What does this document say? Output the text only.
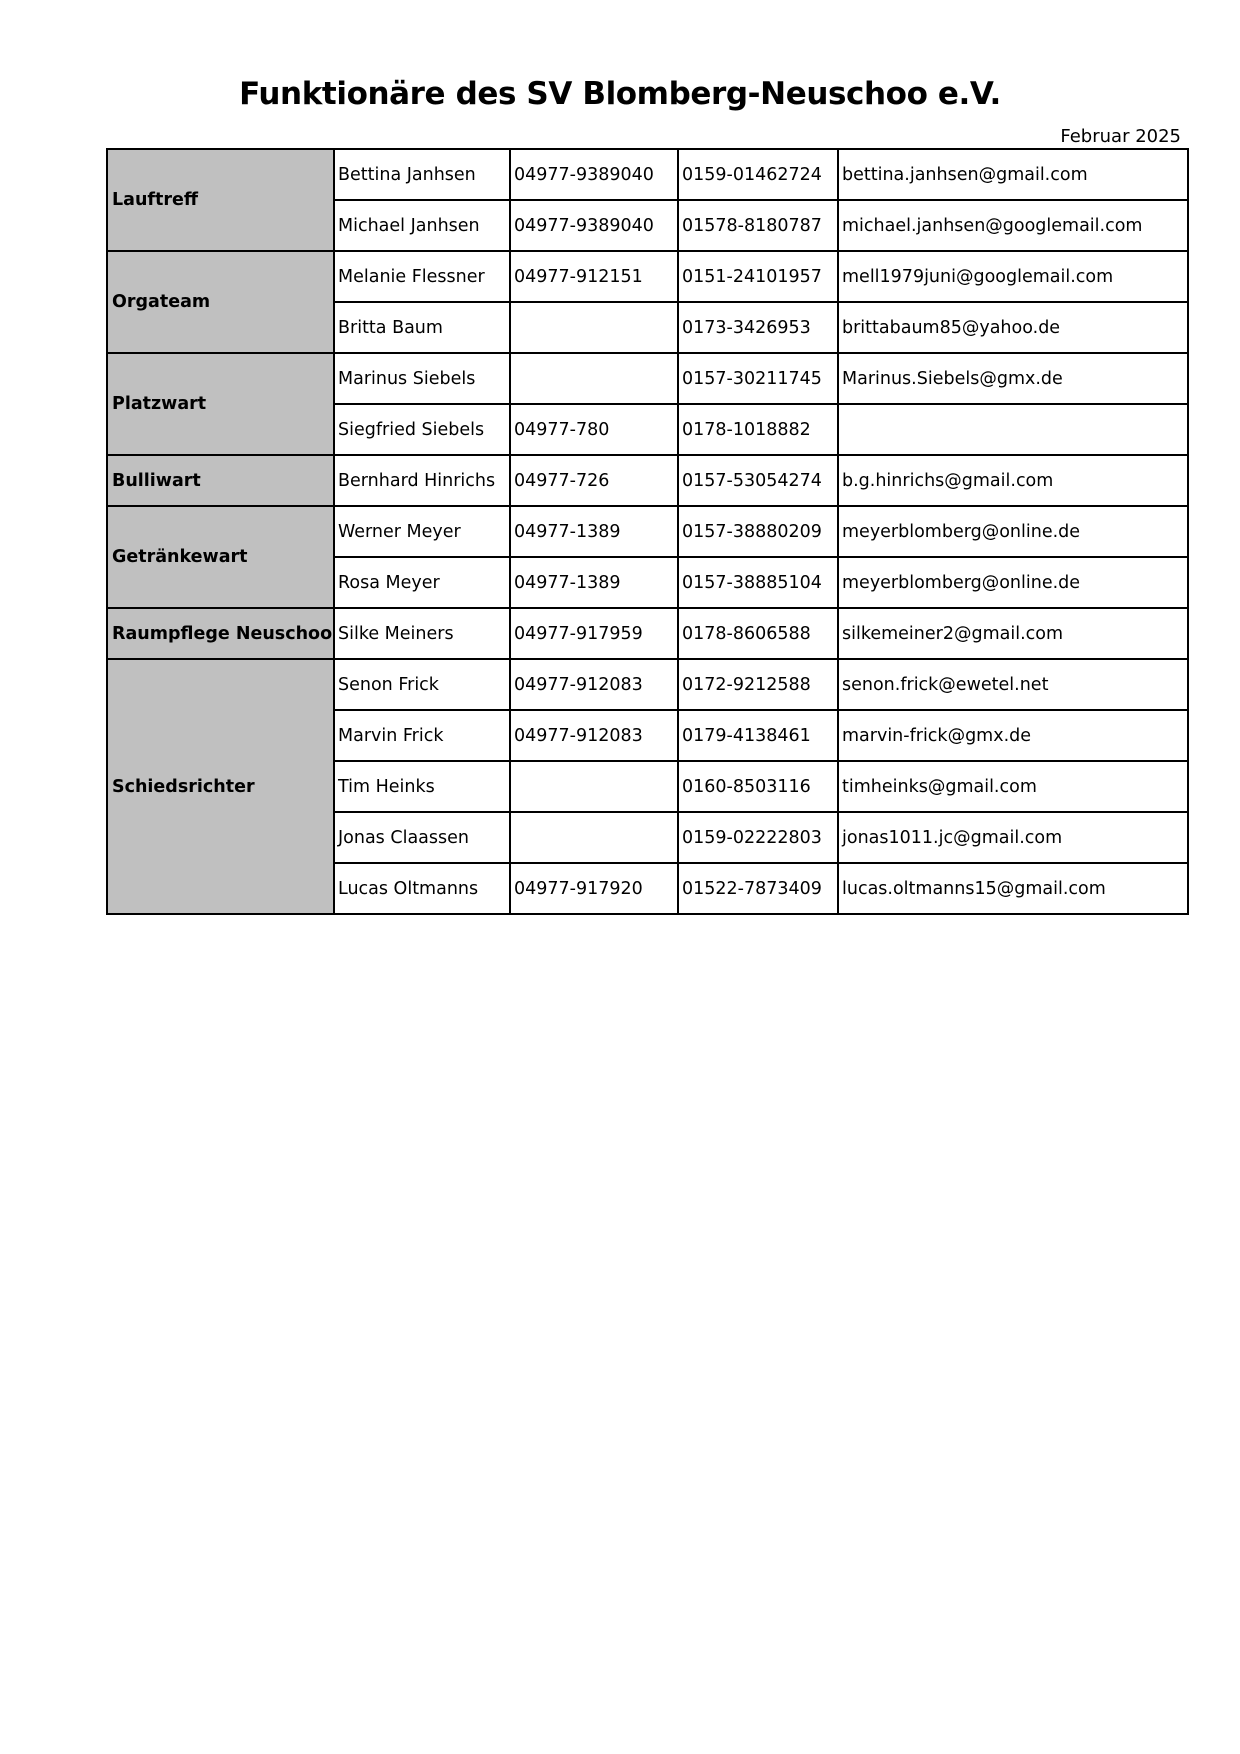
Funktionäre des SV Blomberg-Neuschoo e.V.
Februar 2025
Lauftreff	Bettina Janhsen	04977-9389040	0159-01462724	bettina.janhsen@gmail.com
	Michael Janhsen	04977-9389040	01578-8180787	michael.janhsen@googlemail.com
Orgateam	Melanie Flessner	04977-912151	0151-24101957	mell1979juni@googlemail.com
	Britta Baum		0173-3426953	brittabaum85@yahoo.de
Platzwart	Marinus Siebels		0157-30211745	Marinus.Siebels@gmx.de
	Siegfried Siebels	04977-780	0178-1018882	
Bulliwart	Bernhard Hinrichs	04977-726	0157-53054274	b.g.hinrichs@gmail.com
Getränkewart	Werner Meyer	04977-1389	0157-38880209	meyerblomberg@online.de
	Rosa Meyer	04977-1389	0157-38885104	meyerblomberg@online.de
Raumpflege Neuschoo	Silke Meiners	04977-917959	0178-8606588	silkemeiner2@gmail.com
Schiedsrichter	Senon Frick	04977-912083	0172-9212588	senon.frick@ewetel.net
	Marvin Frick	04977-912083	0179-4138461	marvin-frick@gmx.de
	Tim Heinks		0160-8503116	timheinks@gmail.com
	Jonas Claassen		0159-02222803	jonas1011.jc@gmail.com
	Lucas Oltmanns	04977-917920	01522-7873409	lucas.oltmanns15@gmail.com
